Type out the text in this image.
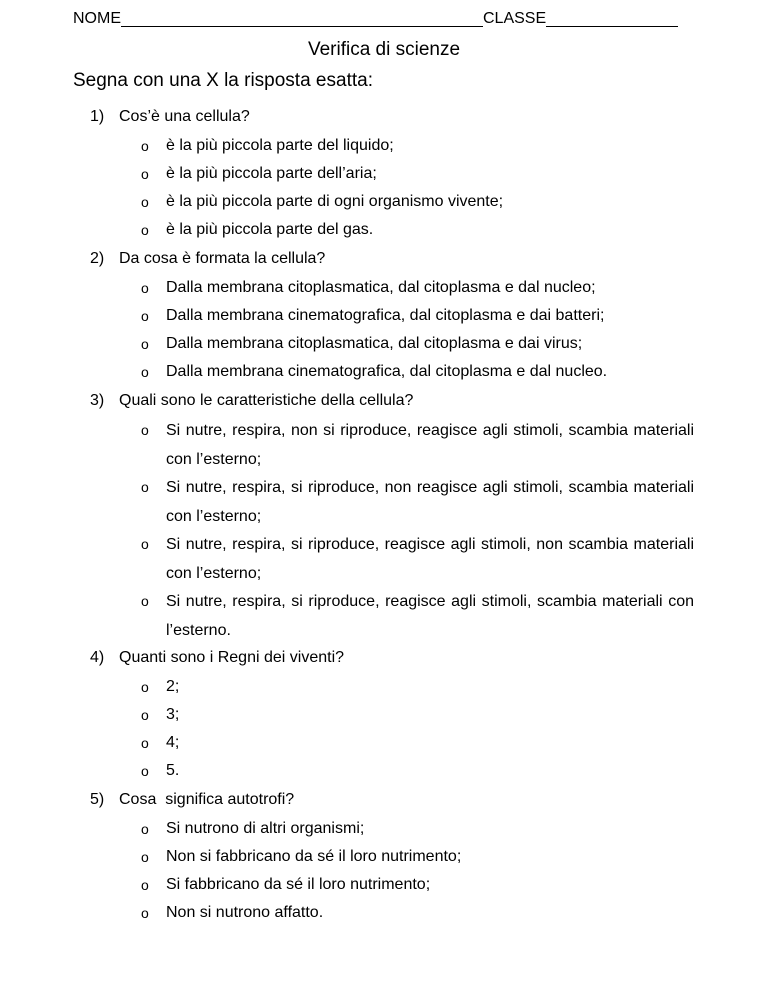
NOME	CLASSE
Verifica di scienze
Segna con una X la risposta esatta:
1) Cos’è una cellula?
o	è la più piccola parte del liquido;
o	è la più piccola parte dell’aria;
o	è la più piccola parte di ogni organismo vivente;
o	è la più piccola parte del gas.
2) Da cosa è formata la cellula?
o	Dalla membrana citoplasmatica, dal citoplasma e dal nucleo;
o	Dalla membrana cinematografica, dal citoplasma e dai batteri;
o	Dalla membrana citoplasmatica, dal citoplasma e dai virus;
o	Dalla membrana cinematografica, dal citoplasma e dal nucleo.
3) Quali sono le caratteristiche della cellula?
o	Si nutre, respira, non si riproduce, reagisce agli stimoli, scambia materiali con l’esterno;
o	Si nutre, respira, si riproduce, non reagisce agli stimoli, scambia materiali con l’esterno;
o	Si nutre, respira, si riproduce, reagisce agli stimoli, non scambia materiali con l’esterno;
o	Si nutre, respira, si riproduce, reagisce agli stimoli, scambia materiali con l’esterno.
4) Quanti sono i Regni dei viventi?
o	2;
o	3;
o	4;
o	5.
5) Cosa  significa autotrofi?
o	Si nutrono di altri organismi;
o	Non si fabbricano da sé il loro nutrimento;
o	Si fabbricano da sé il loro nutrimento;
o	Non si nutrono affatto.
